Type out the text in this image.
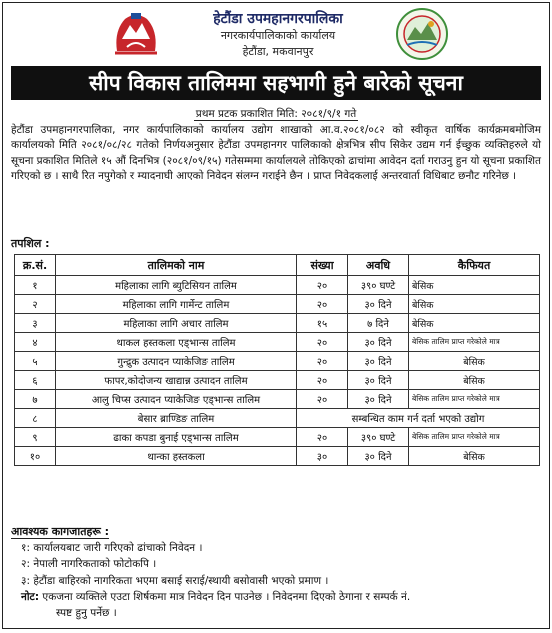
हेटौंडा उपमहानगरपालिका
नगरकार्यपालिकाको कार्यालय
हेटौंडा, मकवानपुर
सीप विकास तालिममा सहभागी हुने बारेको सूचना
प्रथम प्रटक प्रकाशित मिति: २०८१/९/१ गते
हेटौंडा उपमहानगरपालिका, नगर कार्यपालिकाको कार्यालय उद्योग शाखाको आ.व.२०८१/०८२ को स्वीकृत वार्षिक कार्यक्रमबमोजिम कार्यालयको मिति २०८१/०८/२८ गतेको निर्णयअनुसार हेटौंडा उपमहानगर पालिकाको क्षेत्रभित्र सीप सिकेर उद्यम गर्न ईच्छुक व्यक्तिहरुले यो सूचना प्रकाशित मितिले १५ औं दिनभित्र (२०८१/०९/१५) गतेसम्ममा कार्यालयले तोकिएको ढाचांमा आवेदन दर्ता गराउनु हुन यो सूचना प्रकाशित गरिएको छ । साथै रित नपुगेको र म्यादनाघी आएको निवेदन संलग्न गराईने छैन । प्राप्त निवेदकलाई अन्तरवार्ता विधिबाट छनौट गरिनेछ ।
तपशिल :
क्र.सं.	तालिमको नाम	संख्या	अवधि	कैफियत
१	महिलाका लागि ब्युटिसियन तालिम	२०	३९० घण्टे	बेसिक
२	महिलाका लागि गार्मेन्ट तालिम	२०	३० दिने	बेसिक
३	महिलाका लागि अचार तालिम	१५	७ दिने	बेसिक
४	थाकल हस्तकला एड्भान्स तालिम	२०	३० दिने	बेसिक तालिम प्राप्त गरेकोले मात्र
५	गुन्द्रुक उत्पादन प्याकेजिङ तालिम	२०	३० दिने	बेसिक
६	फापर,कोदोजन्य खाद्यान्न उत्पादन तालिम	२०	३० दिने	बेसिक
७	आलु चिप्स उत्पादन प्याकेजिङ एड्भान्स तालिम	२०	३० दिने	बेसिक तालिम प्राप्त गरेकोले मात्र
८	बेसार ब्राण्डिङ तालिम	सम्बन्धित काम गर्न दर्ता भएको उद्योग		
९	ढाका कपडा बुनाई एड्भान्स तालिम	२०	३९० घण्टे	बेसिक तालिम प्राप्त गरेकोले मात्र
१०	थान्का हस्तकला	३०	३० दिने	बेसिक
आवश्यक कागजातहरू :
१: कार्यालयबाट जारी गरिएको ढांचाको निवेदन ।
२: नेपाली नागरिकताको फोटोकपि ।
३: हेटौंडा बाहिरको नागरिकता भएमा बसाई सराई/स्थायी बसोवासी भएको प्रमाण ।
नोट: एकजना व्यक्तिले एउटा शिर्षकमा मात्र निवेदन दिन पाउनेछ । निवेदनमा दिएको ठेगाना र सम्पर्क नं.
स्पष्ट हुनु पर्नेछ ।
